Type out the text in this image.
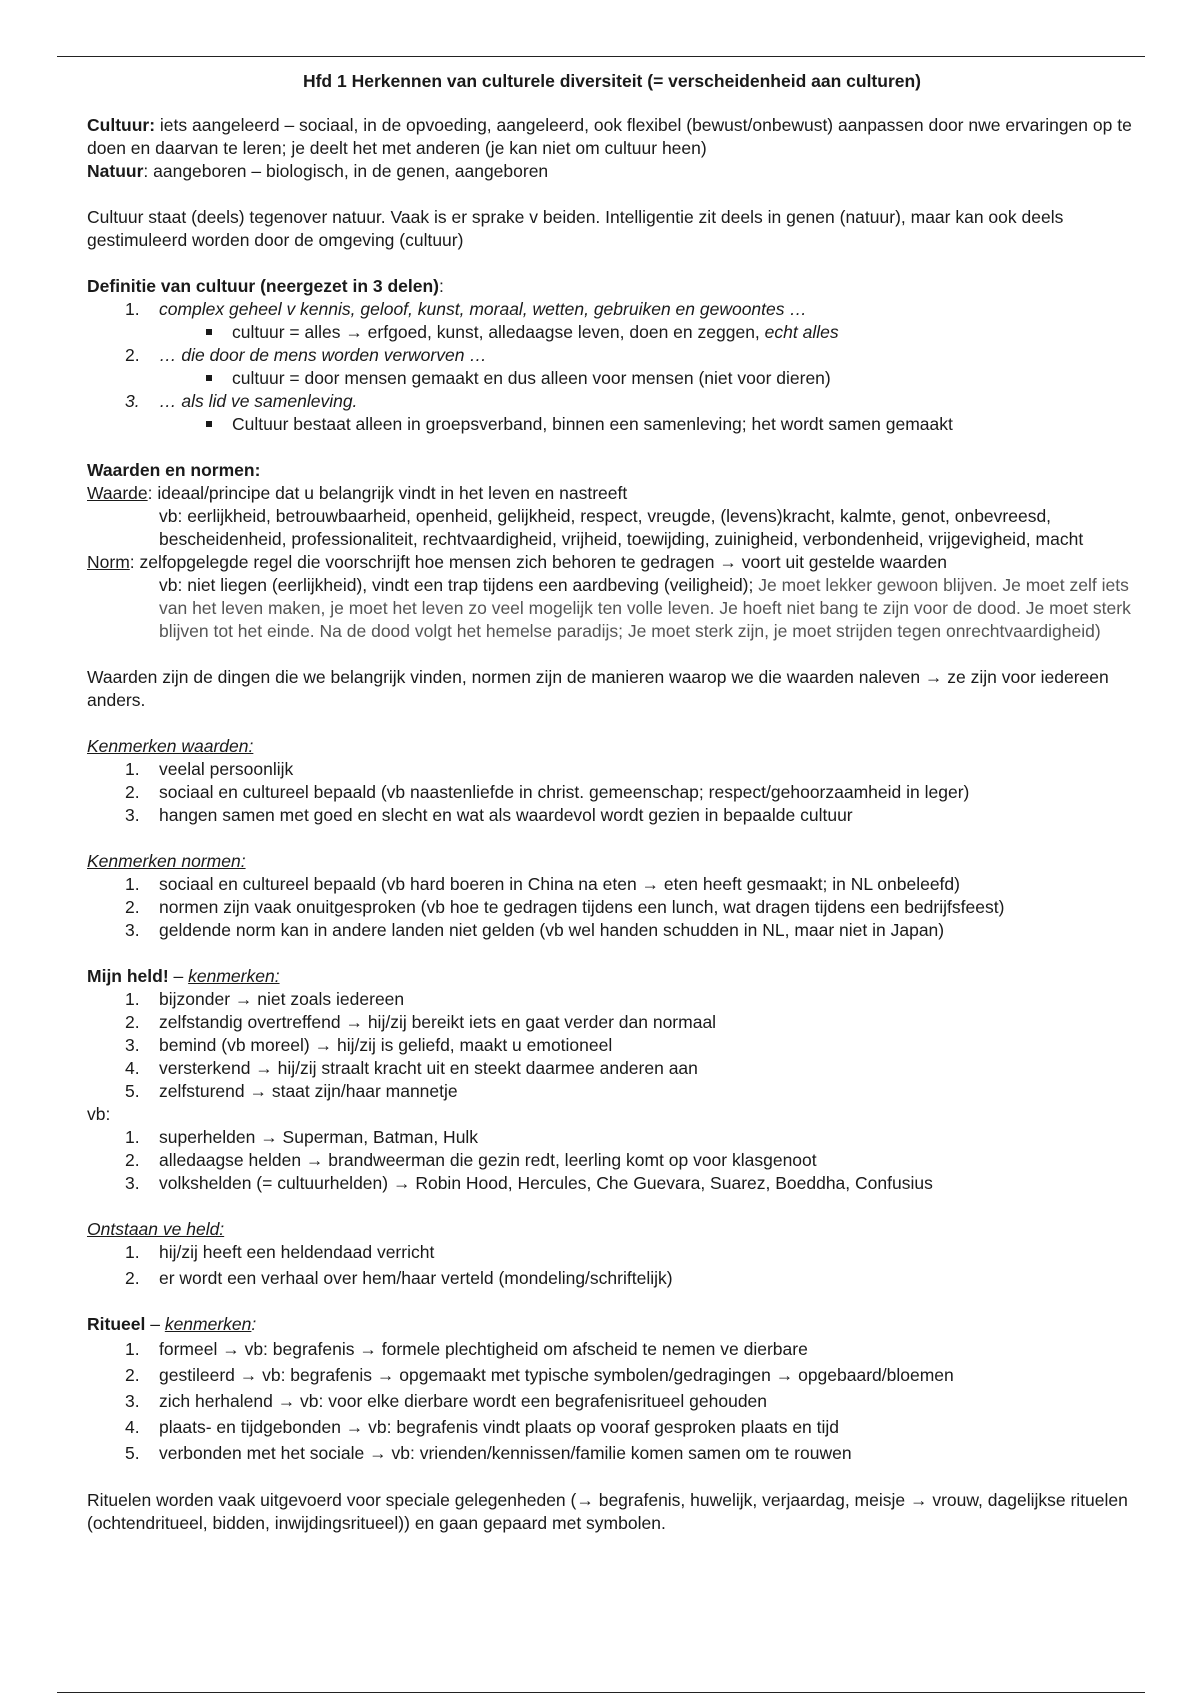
Hfd 1 Herkennen van culturele diversiteit (= verscheidenheid aan culturen)

Cultuur: iets aangeleerd – sociaal, in de opvoeding, aangeleerd, ook flexibel (bewust/onbewust) aanpassen door nwe ervaringen op te doen en daarvan te leren; je deelt het met anderen (je kan niet om cultuur heen)

Natuur: aangeboren – biologisch, in de genen, aangeboren

Cultuur staat (deels) tegenover natuur. Vaak is er sprake v beiden. Intelligentie zit deels in genen (natuur), maar kan ook deels gestimuleerd worden door de omgeving (cultuur)

Definitie van cultuur (neergezet in 3 delen):

1.	complex geheel v kennis, geloof, kunst, moraal, wetten, gebruiken en gewoontes …
cultuur = alles → erfgoed, kunst, alledaagse leven, doen en zeggen, echt alles
2.	… die door de mens worden verworven …
cultuur = door mensen gemaakt en dus alleen voor mensen (niet voor dieren)
3.	… als lid ve samenleving.
Cultuur bestaat alleen in groepsverband, binnen een samenleving; het wordt samen gemaakt

Waarden en normen:

Waarde: ideaal/principe dat u belangrijk vindt in het leven en nastreeft

vb: eerlijkheid, betrouwbaarheid, openheid, gelijkheid, respect, vreugde, (levens)kracht, kalmte, genot, onbevreesd, bescheidenheid, professionaliteit, rechtvaardigheid, vrijheid, toewijding, zuinigheid, verbondenheid, vrijgevigheid, macht

Norm: zelfopgelegde regel die voorschrijft hoe mensen zich behoren te gedragen → voort uit gestelde waarden

vb: niet liegen (eerlijkheid), vindt een trap tijdens een aardbeving (veiligheid); Je moet lekker gewoon blijven. Je moet zelf iets van het leven maken, je moet het leven zo veel mogelijk ten volle leven. Je hoeft niet bang te zijn voor de dood. Je moet sterk blijven tot het einde. Na de dood volgt het hemelse paradijs; Je moet sterk zijn, je moet strijden tegen onrechtvaardigheid)

Waarden zijn de dingen die we belangrijk vinden, normen zijn de manieren waarop we die waarden naleven → ze zijn voor iedereen anders.

Kenmerken waarden:

1.	veelal persoonlijk
2.	sociaal en cultureel bepaald (vb naastenliefde in christ. gemeenschap; respect/gehoorzaamheid in leger)
3.	hangen samen met goed en slecht en wat als waardevol wordt gezien in bepaalde cultuur

Kenmerken normen:

1.	sociaal en cultureel bepaald (vb hard boeren in China na eten → eten heeft gesmaakt; in NL onbeleefd)
2.	normen zijn vaak onuitgesproken (vb hoe te gedragen tijdens een lunch, wat dragen tijdens een bedrijfsfeest)
3.	geldende norm kan in andere landen niet gelden (vb wel handen schudden in NL, maar niet in Japan)

Mijn held! – kenmerken:

1.	bijzonder → niet zoals iedereen
2.	zelfstandig overtreffend → hij/zij bereikt iets en gaat verder dan normaal
3.	bemind (vb moreel) → hij/zij is geliefd, maakt u emotioneel
4.	versterkend → hij/zij straalt kracht uit en steekt daarmee anderen aan
5.	zelfsturend → staat zijn/haar mannetje

vb:

1.	superhelden → Superman, Batman, Hulk
2.	alledaagse helden → brandweerman die gezin redt, leerling komt op voor klasgenoot
3.	volkshelden (= cultuurhelden) → Robin Hood, Hercules, Che Guevara, Suarez, Boeddha, Confusius

Ontstaan ve held:

1.	hij/zij heeft een heldendaad verricht
2.	er wordt een verhaal over hem/haar verteld (mondeling/schriftelijk)

Ritueel – kenmerken:

1.	formeel → vb: begrafenis → formele plechtigheid om afscheid te nemen ve dierbare
2.	gestileerd → vb: begrafenis → opgemaakt met typische symbolen/gedragingen → opgebaard/bloemen
3.	zich herhalend → vb: voor elke dierbare wordt een begrafenisritueel gehouden
4.	plaats- en tijdgebonden → vb: begrafenis vindt plaats op vooraf gesproken plaats en tijd
5.	verbonden met het sociale → vb: vrienden/kennissen/familie komen samen om te rouwen

Rituelen worden vaak uitgevoerd voor speciale gelegenheden (→ begrafenis, huwelijk, verjaardag, meisje → vrouw, dagelijkse rituelen (ochtendritueel, bidden, inwijdingsritueel)) en gaan gepaard met symbolen.
